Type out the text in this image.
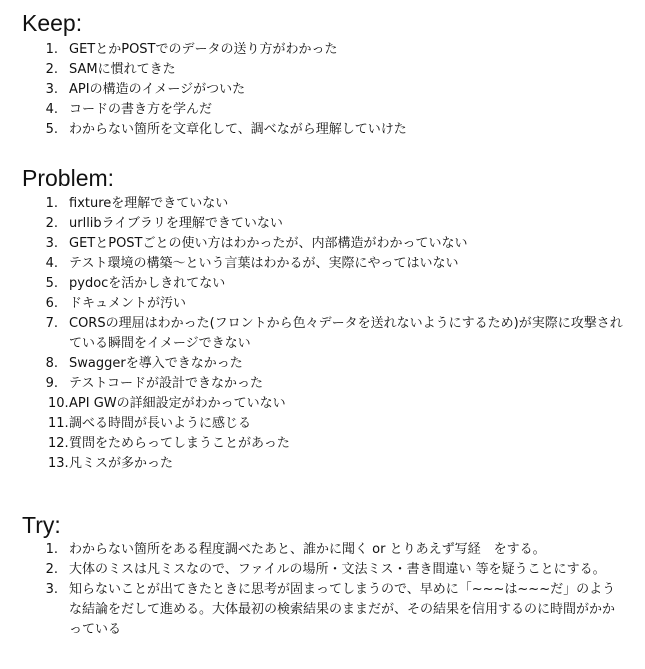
Keep:
1. GETとかPOSTでのデータの送り方がわかった
2. SAMに慣れてきた
3. APIの構造のイメージがついた
4. コードの書き方を学んだ
5. わからない箇所を文章化して、調べながら理解していけた
Problem:
1. fixtureを理解できていない
2. urllibライブラリを理解できていない
3. GETとPOSTごとの使い方はわかったが、内部構造がわかっていない
4. テスト環境の構築～という言葉はわかるが、実際にやってはいない
5. pydocを活かしきれてない
6. ドキュメントが汚い
7. CORSの理屈はわかった(フロントから色々データを送れないようにするため)が実際に攻撃されている瞬間をイメージできない
8. Swaggerを導入できなかった
9. テストコードが設計できなかった
10. API GWの詳細設定がわかっていない
11. 調べる時間が長いように感じる
12. 質問をためらってしまうことがあった
13. 凡ミスが多かった
Try:
1. わからない箇所をある程度調べたあと、誰かに聞く or とりあえず写経　をする。
2. 大体のミスは凡ミスなので、ファイルの場所・文法ミス・書き間違い 等を疑うことにする。
3. 知らないことが出てきたときに思考が固まってしまうので、早めに「~~~は~~~だ」のような結論をだして進める。大体最初の検索結果のままだが、その結果を信用するのに時間がかかっている
